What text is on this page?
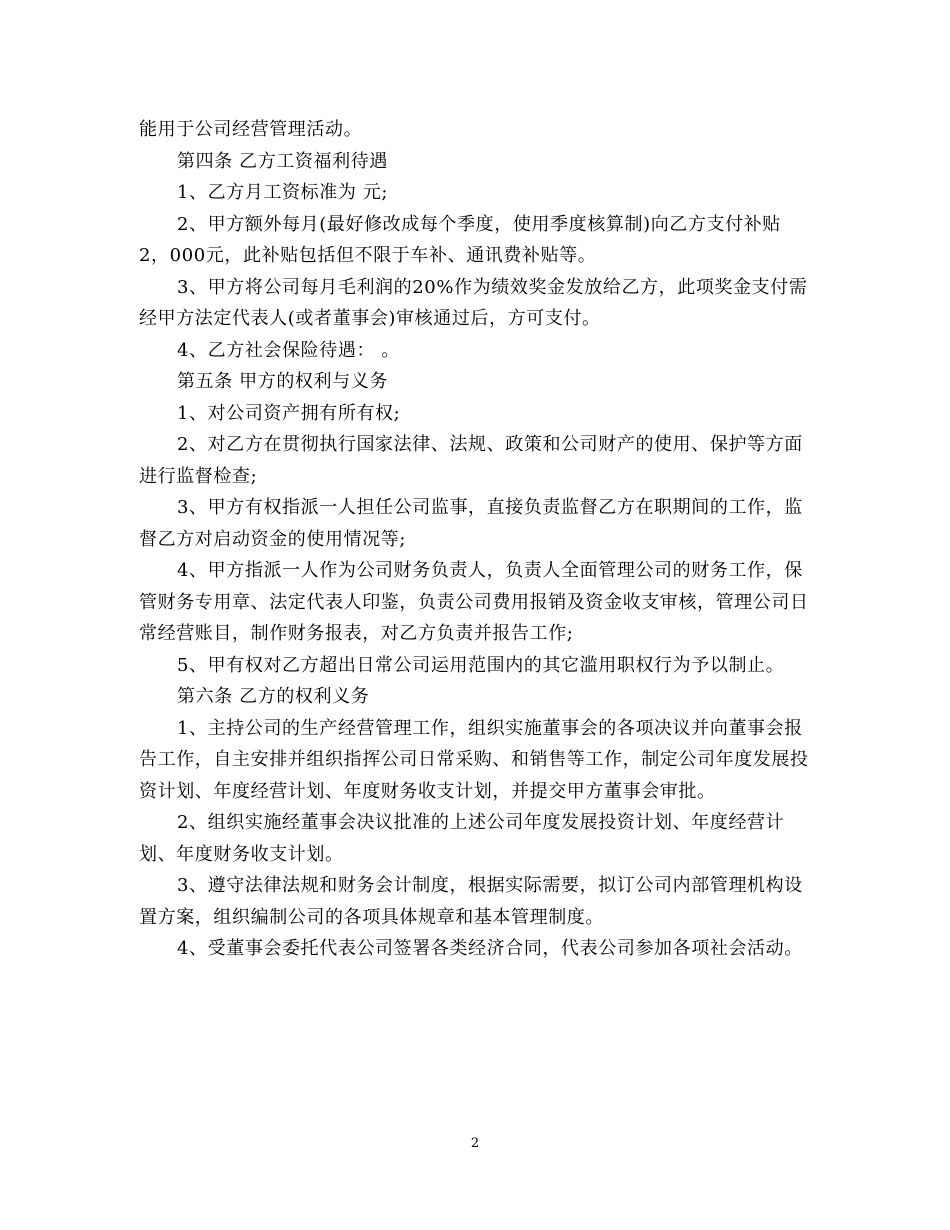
能用于公司经营管理活动。
第四条 乙方工资福利待遇
1、乙方月工资标准为 元;
2、甲方额外每月(最好修改成每个季度，使用季度核算制)向乙方支付补贴
2，000元，此补贴包括但不限于车补、通讯费补贴等。
3、甲方将公司每月毛利润的20%作为绩效奖金发放给乙方，此项奖金支付需
经甲方法定代表人(或者董事会)审核通过后，方可支付。
4、乙方社会保险待遇： 。
第五条 甲方的权利与义务
1、对公司资产拥有所有权;
2、对乙方在贯彻执行国家法律、法规、政策和公司财产的使用、保护等方面
进行监督检查;
3、甲方有权指派一人担任公司监事，直接负责监督乙方在职期间的工作，监
督乙方对启动资金的使用情况等;
4、甲方指派一人作为公司财务负责人，负责人全面管理公司的财务工作，保
管财务专用章、法定代表人印鉴，负责公司费用报销及资金收支审核，管理公司日
常经营账目，制作财务报表，对乙方负责并报告工作;
5、甲有权对乙方超出日常公司运用范围内的其它滥用职权行为予以制止。
第六条 乙方的权利义务
1、主持公司的生产经营管理工作，组织实施董事会的各项决议并向董事会报
告工作，自主安排并组织指挥公司日常采购、和销售等工作，制定公司年度发展投
资计划、年度经营计划、年度财务收支计划，并提交甲方董事会审批。
2、组织实施经董事会决议批准的上述公司年度发展投资计划、年度经营计
划、年度财务收支计划。
3、遵守法律法规和财务会计制度，根据实际需要，拟订公司内部管理机构设
置方案，组织编制公司的各项具体规章和基本管理制度。
4、受董事会委托代表公司签署各类经济合同，代表公司参加各项社会活动。

2
